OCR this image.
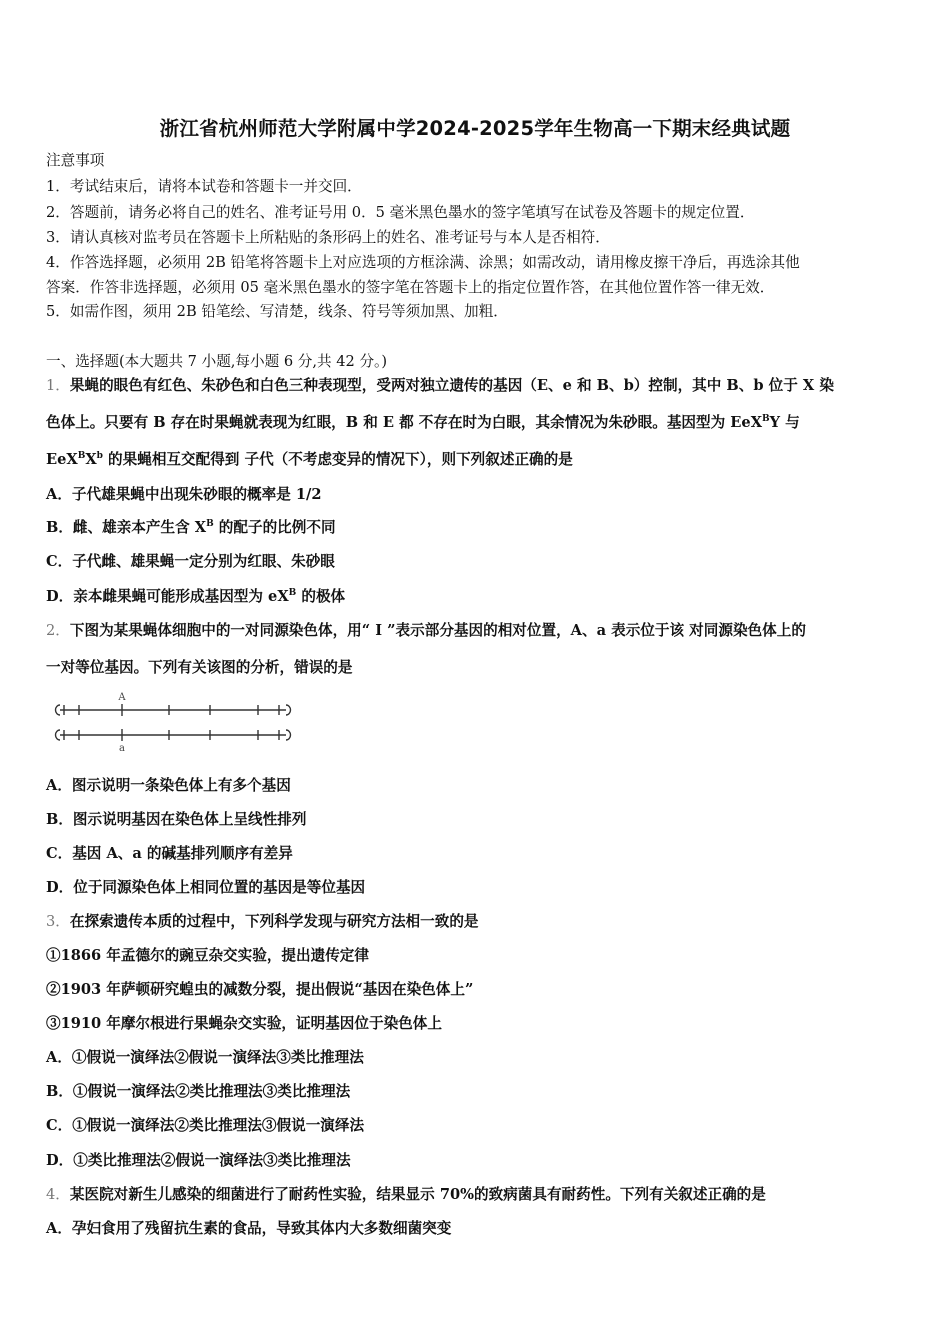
浙江省杭州师范大学附属中学2024-2025学年生物高一下期末经典试题
注意事项
1．考试结束后，请将本试卷和答题卡一并交回．
2．答题前，请务必将自己的姓名、准考证号用 0．5 毫米黑色墨水的签字笔填写在试卷及答题卡的规定位置．
3．请认真核对监考员在答题卡上所粘贴的条形码上的姓名、准考证号与本人是否相符．
4．作答选择题，必须用 2B 铅笔将答题卡上对应选项的方框涂满、涂黑；如需改动，请用橡皮擦干净后，再选涂其他
答案．作答非选择题，必须用 05 毫米黑色墨水的签字笔在答题卡上的指定位置作答，在其他位置作答一律无效．
5．如需作图，须用 2B 铅笔绘、写清楚，线条、符号等须加黑、加粗．
一、选择题(本大题共 7 小题,每小题 6 分,共 42 分。)
1．果蝇的眼色有红色、朱砂色和白色三种表现型，受两对独立遗传的基因（E、e 和 B、b）控制，其中 B、b 位于 X 染
色体上。只要有 B 存在时果蝇就表现为红眼，B 和 E 都 不存在时为白眼，其余情况为朱砂眼。基因型为 EeX$^B$Y 与
$EeX^BX^b$ 的果蝇相互交配得到 子代（不考虑变异的情况下），则下列叙述正确的是
A．子代雄果蝇中出现朱砂眼的概率是 1/2
B．雌、雄亲本产生含 $X^B$ 的配子的比例不同
C．子代雌、雄果蝇一定分别为红眼、朱砂眼
D．亲本雌果蝇可能形成基因型为 $eX^B$ 的极体
2．下图为某果蝇体细胞中的一对同源染色体，用“ I ”表示部分基因的相对位置，A、a 表示位于该 对同源染色体上的
一对等位基因。下列有关该图的分析，错误的是
A
a
A．图示说明一条染色体上有多个基因
B．图示说明基因在染色体上呈线性排列
C．基因 A、a 的碱基排列顺序有差异
D．位于同源染色体上相同位置的基因是等位基因
3．在探索遗传本质的过程中，下列科学发现与研究方法相一致的是
①1866 年孟德尔的豌豆杂交实验，提出遗传定律
②1903 年萨顿研究蝗虫的减数分裂，提出假说“基因在染色体上”
③1910 年摩尔根进行果蝇杂交实验，证明基因位于染色体上
A．①假说一演绎法②假说一演绎法③类比推理法
B．①假说一演绎法②类比推理法③类比推理法
C．①假说一演绎法②类比推理法③假说一演绎法
D．①类比推理法②假说一演绎法③类比推理法
4．某医院对新生儿感染的细菌进行了耐药性实验，结果显示 70%的致病菌具有耐药性。下列有关叙述正确的是
A．孕妇食用了残留抗生素的食品，导致其体内大多数细菌突变
